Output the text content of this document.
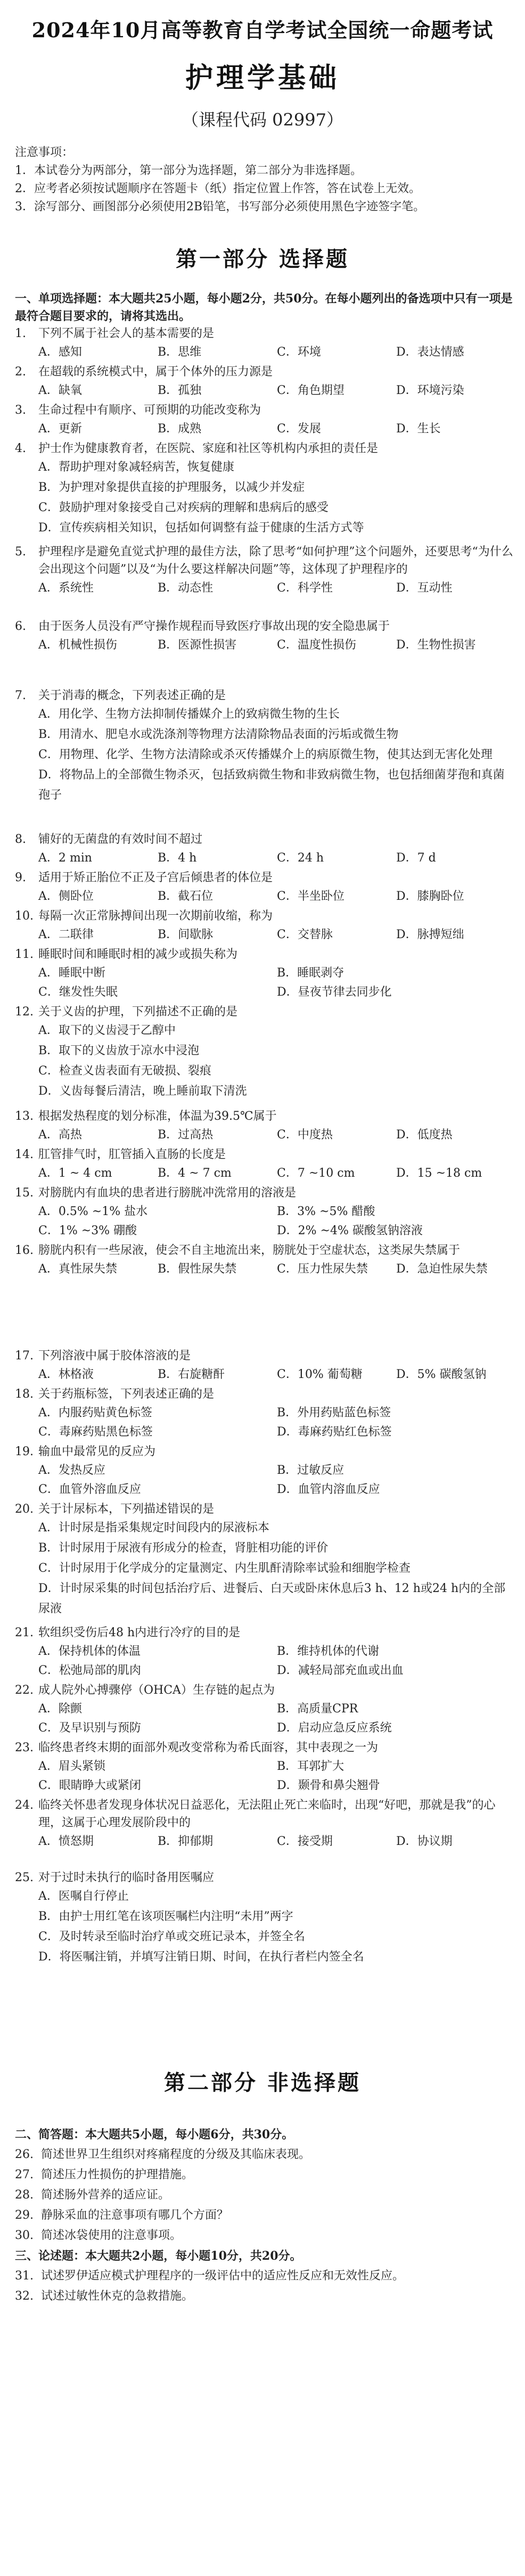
2024年10月高等教育自学考试全国统一命题考试
护理学基础
（课程代码 02997）
注意事项：
1．本试卷分为两部分，第一部分为选择题，第二部分为非选择题。
2．应考者必须按试题顺序在答题卡（纸）指定位置上作答，答在试卷上无效。
3．涂写部分、画图部分必须使用2B铅笔，书写部分必须使用黑色字迹签字笔。
第一部分 选择题
一、单项选择题：本大题共25小题，每小题2分，共50分。在每小题列出的备选项中只有一项是最符合题目要求的，请将其选出。
1. 下列不属于社会人的基本需要的是
A．感知	B．思维	C．环境	D．表达情感
2. 在超载的系统模式中，属于个体外的压力源是
A．缺氧	B．孤独	C．角色期望	D．环境污染
3. 生命过程中有顺序、可预期的功能改变称为
A．更新	B．成熟	C．发展	D．生长
4. 护士作为健康教育者，在医院、家庭和社区等机构内承担的责任是
A．帮助护理对象减轻病苦，恢复健康
B．为护理对象提供直接的护理服务，以减少并发症
C．鼓励护理对象接受自己对疾病的理解和患病后的感受
D．宣传疾病相关知识，包括如何调整有益于健康的生活方式等
5. 护理程序是避免直觉式护理的最佳方法，除了思考“如何护理”这个问题外，还要思考“为什么会出现这个问题”以及“为什么要这样解决问题”等，这体现了护理程序的
A．系统性	B．动态性	C．科学性	D．互动性
6. 由于医务人员没有严守操作规程而导致医疗事故出现的安全隐患属于
A．机械性损伤	B．医源性损害	C．温度性损伤	D．生物性损害
7. 关于消毒的概念，下列表述正确的是
A．用化学、生物方法抑制传播媒介上的致病微生物的生长
B．用清水、肥皂水或洗涤剂等物理方法清除物品表面的污垢或微生物
C．用物理、化学、生物方法清除或杀灭传播媒介上的病原微生物，使其达到无害化处理
D．将物品上的全部微生物杀灭，包括致病微生物和非致病微生物，也包括细菌芽孢和真菌孢子
8. 铺好的无菌盘的有效时间不超过
A．2 min	B．4 h	C．24 h	D．7 d
9. 适用于矫正胎位不正及子宫后倾患者的体位是
A．侧卧位	B．截石位	C．半坐卧位	D．膝胸卧位
10. 每隔一次正常脉搏间出现一次期前收缩，称为
A．二联律	B．间歇脉	C．交替脉	D．脉搏短绌
11. 睡眠时间和睡眠时相的减少或损失称为
A．睡眠中断	B．睡眠剥夺
C．继发性失眠	D．昼夜节律去同步化
12. 关于义齿的护理，下列描述不正确的是
A．取下的义齿浸于乙醇中
B．取下的义齿放于凉水中浸泡
C．检查义齿表面有无破损、裂痕
D．义齿每餐后清洁，晚上睡前取下清洗
13. 根据发热程度的划分标准，体温为39.5℃属于
A．高热	B．过高热	C．中度热	D．低度热
14. 肛管排气时，肛管插入直肠的长度是
A．1 ~ 4 cm	B．4 ~ 7 cm	C．7 ~10 cm	D．15 ~18 cm
15. 对膀胱内有血块的患者进行膀胱冲洗常用的溶液是
A．0.5% ~1% 盐水	B．3% ~5% 醋酸
C．1% ~3% 硼酸	D．2% ~4% 碳酸氢钠溶液
16. 膀胱内积有一些尿液，使会不自主地流出来，膀胱处于空虚状态，这类尿失禁属于
A．真性尿失禁	B．假性尿失禁	C．压力性尿失禁	D．急迫性尿失禁
17. 下列溶液中属于胶体溶液的是
A．林格液	B．右旋糖酐	C．10% 葡萄糖	D．5% 碳酸氢钠
18. 关于药瓶标签，下列表述正确的是
A．内服药贴黄色标签	B．外用药贴蓝色标签
C．毒麻药贴黑色标签	D．毒麻药贴红色标签
19. 输血中最常见的反应为
A．发热反应	B．过敏反应
C．血管外溶血反应	D．血管内溶血反应
20. 关于计尿标本，下列描述错误的是
A．计时尿是指采集规定时间段内的尿液标本
B．计时尿用于尿液有形成分的检查，肾脏相功能的评价
C．计时尿用于化学成分的定量测定、内生肌酐清除率试验和细胞学检查
D．计时尿采集的时间包括治疗后、进餐后、白天或卧床休息后3 h、12 h或24 h内的全部尿液
21. 软组织受伤后48 h内进行冷疗的目的是
A．保持机体的体温	B．维持机体的代谢
C．松弛局部的肌肉	D．减轻局部充血或出血
22. 成人院外心搏骤停（OHCA）生存链的起点为
A．除颤	B．高质量CPR
C．及早识别与预防	D．启动应急反应系统
23. 临终患者终末期的面部外观改变常称为希氏面容，其中表现之一为
A．眉头紧锁	B．耳郭扩大
C．眼睛睁大或紧闭	D．颞骨和鼻尖翘骨
24. 临终关怀患者发现身体状况日益恶化，无法阻止死亡来临时，出现“好吧，那就是我”的心理，这属于心理发展阶段中的
A．愤怒期	B．抑郁期	C．接受期	D．协议期
25. 对于过时未执行的临时备用医嘱应
A．医嘱自行停止
B．由护士用红笔在该项医嘱栏内注明“未用”两字
C．及时转录至临时治疗单或交班记录本，并签全名
D．将医嘱注销，并填写注销日期、时间，在执行者栏内签全名
第二部分 非选择题
二、简答题：本大题共5小题，每小题6分，共30分。
26. 简述世界卫生组织对疼痛程度的分级及其临床表现。
27. 简述压力性损伤的护理措施。
28. 简述肠外营养的适应证。
29. 静脉采血的注意事项有哪几个方面？
30. 简述冰袋使用的注意事项。
三、论述题：本大题共2小题，每小题10分，共20分。
31. 试述罗伊适应模式护理程序的一级评估中的适应性反应和无效性反应。
32. 试述过敏性休克的急救措施。
